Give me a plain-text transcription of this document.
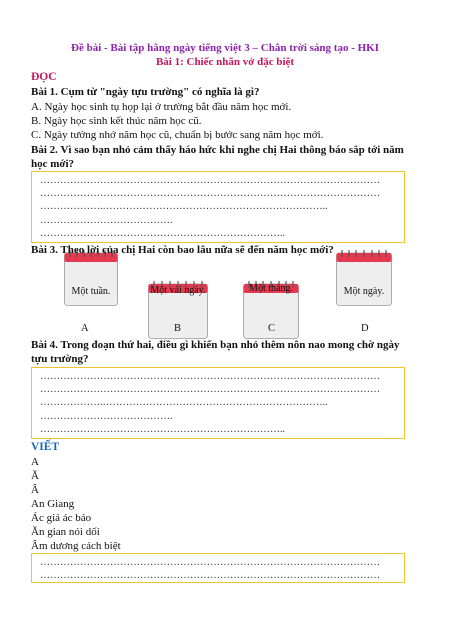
Đề bài - Bài tập hằng ngày tiếng việt 3 – Chân trời sáng tạo - HKI
Bài 1: Chiếc nhãn vở đặc biệt
ĐỌC
Bài 1. Cụm từ "ngày tựu trường" có nghĩa là gì?
A. Ngày học sinh tụ họp lại ở trường bắt đầu năm học mới.
B. Ngày học sinh kết thúc năm học cũ.
C. Ngày tưởng nhớ năm học cũ, chuẩn bị bước sang năm học mới.
Bài 2. Vì sao bạn nhỏ cảm thấy háo hức khi nghe chị Hai thông báo sắp tới năm
học mới?
…………………………………………………………………………………………
…………………………………………………………………………………………
……………….…………………………………………………………..
………………………………….
………………………………………………………………..
Bài 3. Theo lời của chị Hai còn bao lâu nữa sẽ đến năm học mới?
Một tuần.	Một vài ngày.	Một tháng.	Một ngày.
A	B	C	D
Bài 4. Trong đoạn thứ hai, điều gì khiến bạn nhỏ thêm nôn nao mong chờ ngày
tựu trường?
…………………………………………………………………………………………
…………………………………………………………………………………………
……………….…………………………………………………………..
………………………………….
………………………………………………………………..
VIẾT
A
Ă
Â
An Giang
Ác giả ác báo
Ăn gian nói dối
Âm dương cách biệt
…………………………………………………………………………………………
…………………………………………………………………………………………
